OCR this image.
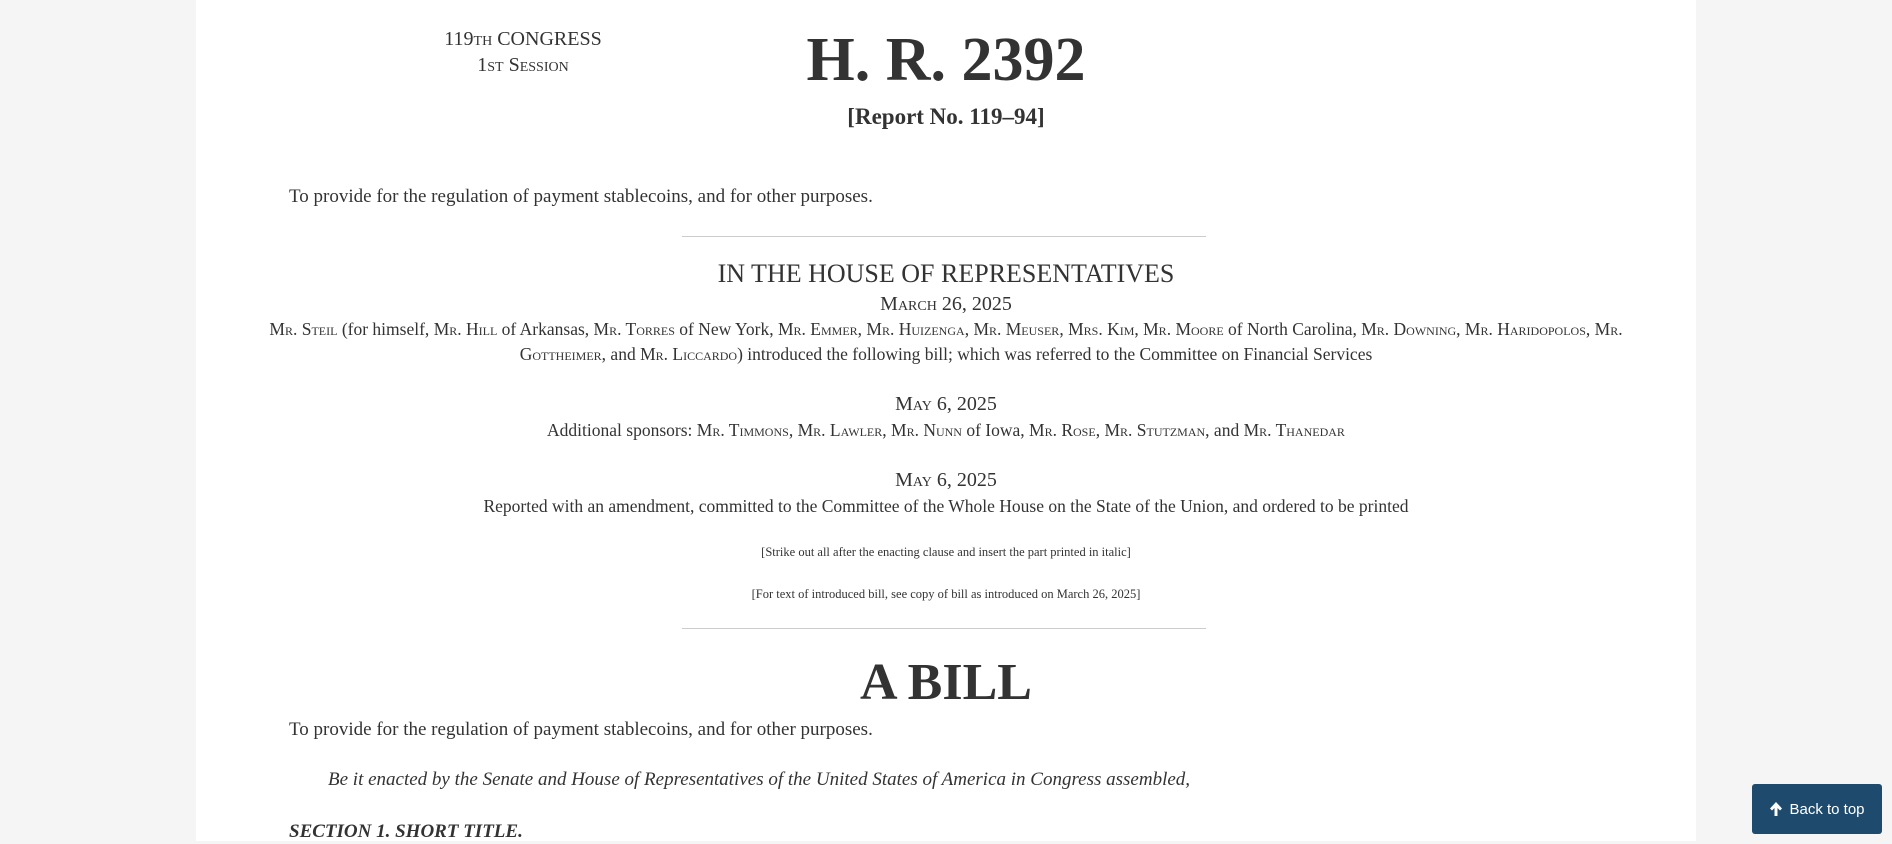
119th CONGRESS
1st Session	H. R. 2392
[Report No. 119–94]
To provide for the regulation of payment stablecoins, and for other purposes.
IN THE HOUSE OF REPRESENTATIVES
March 26, 2025
Mr. Steil (for himself, Mr. Hill of Arkansas, Mr. Torres of New York, Mr. Emmer, Mr. Huizenga, Mr. Meuser, Mrs. Kim, Mr. Moore of North Carolina, Mr. Downing, Mr. Haridopolos, Mr. Gottheimer, and Mr. Liccardo) introduced the following bill; which was referred to the Committee on Financial Services
May 6, 2025
Additional sponsors: Mr. Timmons, Mr. Lawler, Mr. Nunn of Iowa, Mr. Rose, Mr. Stutzman, and Mr. Thanedar
May 6, 2025
Reported with an amendment, committed to the Committee of the Whole House on the State of the Union, and ordered to be printed
[Strike out all after the enacting clause and insert the part printed in italic]
[For text of introduced bill, see copy of bill as introduced on March 26, 2025]
A BILL
To provide for the regulation of payment stablecoins, and for other purposes.
Be it enacted by the Senate and House of Representatives of the United States of America in Congress assembled,
SECTION 1. SHORT TITLE.
Back to top
